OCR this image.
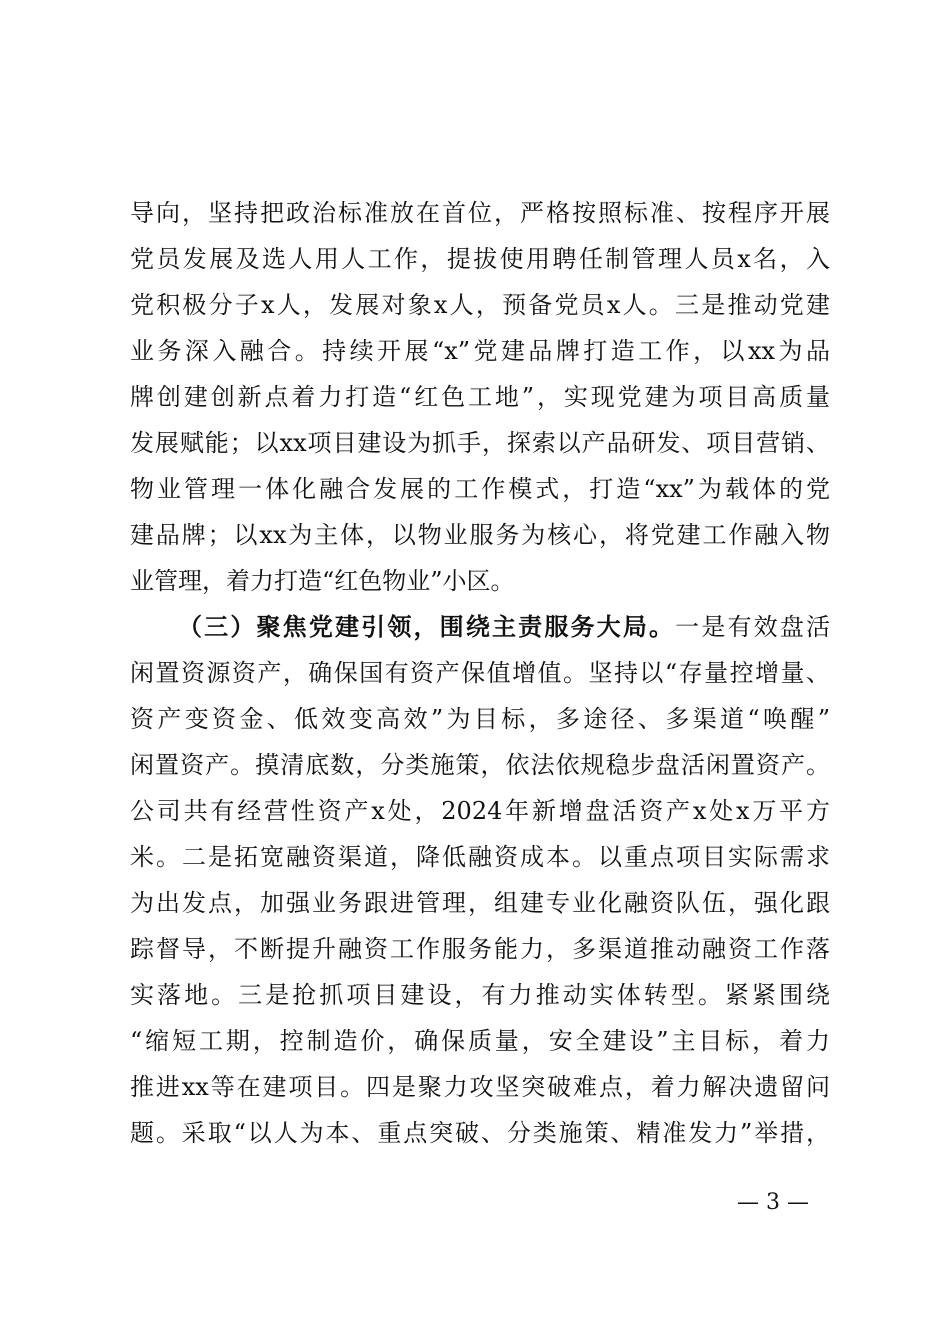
导向，坚持把政治标准放在首位，严格按照标准、按程序开展
党员发展及选人用人工作，提拔使用聘任制管理人员x名，入
党积极分子x人，发展对象x人，预备党员x人。三是推动党建
业务深入融合。持续开展“x”党建品牌打造工作，以xx为品
牌创建创新点着力打造“红色工地”，实现党建为项目高质量
发展赋能；以xx项目建设为抓手，探索以产品研发、项目营销、
物业管理一体化融合发展的工作模式，打造“xx”为载体的党
建品牌；以xx为主体，以物业服务为核心，将党建工作融入物
业管理，着力打造“红色物业”小区。
（三）聚焦党建引领，围绕主责服务大局。一是有效盘活
闲置资源资产，确保国有资产保值增值。坚持以“存量控增量、
资产变资金、低效变高效”为目标，多途径、多渠道“唤醒”
闲置资产。摸清底数，分类施策，依法依规稳步盘活闲置资产。
公司共有经营性资产x处，2024年新增盘活资产x处x万平方
米。二是拓宽融资渠道，降低融资成本。以重点项目实际需求
为出发点，加强业务跟进管理，组建专业化融资队伍，强化跟
踪督导，不断提升融资工作服务能力，多渠道推动融资工作落
实落地。三是抢抓项目建设，有力推动实体转型。紧紧围绕
“缩短工期，控制造价，确保质量，安全建设”主目标，着力
推进xx等在建项目。四是聚力攻坚突破难点，着力解决遗留问
题。采取“以人为本、重点突破、分类施策、精准发力”举措，
— 3 —
